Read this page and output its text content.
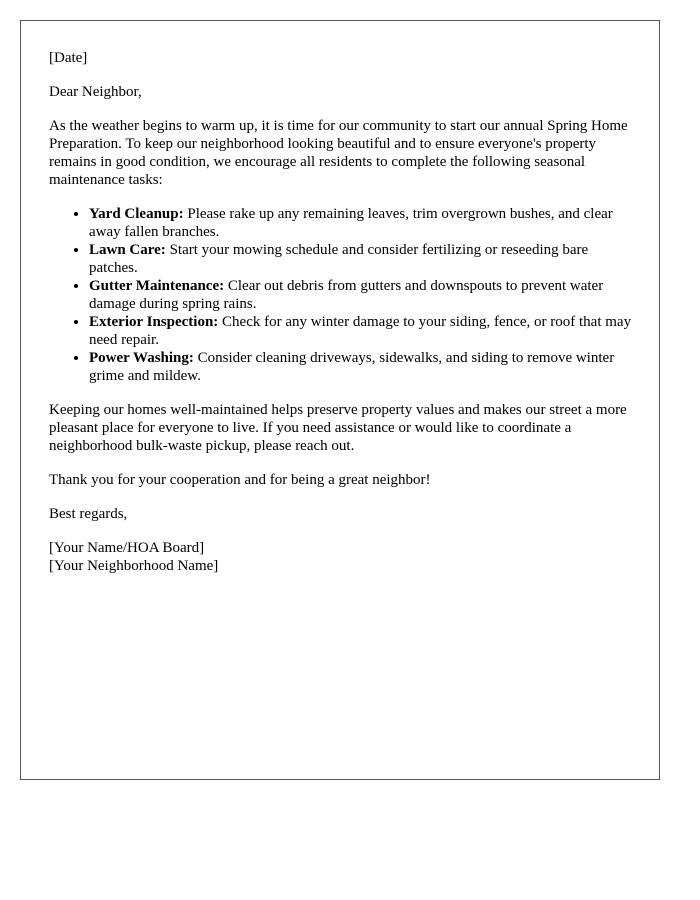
[Date]

Dear Neighbor,

As the weather begins to warm up, it is time for our community to start our annual Spring Home Preparation. To keep our neighborhood looking beautiful and to ensure everyone's property remains in good condition, we encourage all residents to complete the following seasonal maintenance tasks:

• Yard Cleanup: Please rake up any remaining leaves, trim overgrown bushes, and clear away fallen branches.
• Lawn Care: Start your mowing schedule and consider fertilizing or reseeding bare patches.
• Gutter Maintenance: Clear out debris from gutters and downspouts to prevent water damage during spring rains.
• Exterior Inspection: Check for any winter damage to your siding, fence, or roof that may need repair.
• Power Washing: Consider cleaning driveways, sidewalks, and siding to remove winter grime and mildew.

Keeping our homes well-maintained helps preserve property values and makes our street a more pleasant place for everyone to live. If you need assistance or would like to coordinate a neighborhood bulk-waste pickup, please reach out.

Thank you for your cooperation and for being a great neighbor!

Best regards,

[Your Name/HOA Board]
[Your Neighborhood Name]
